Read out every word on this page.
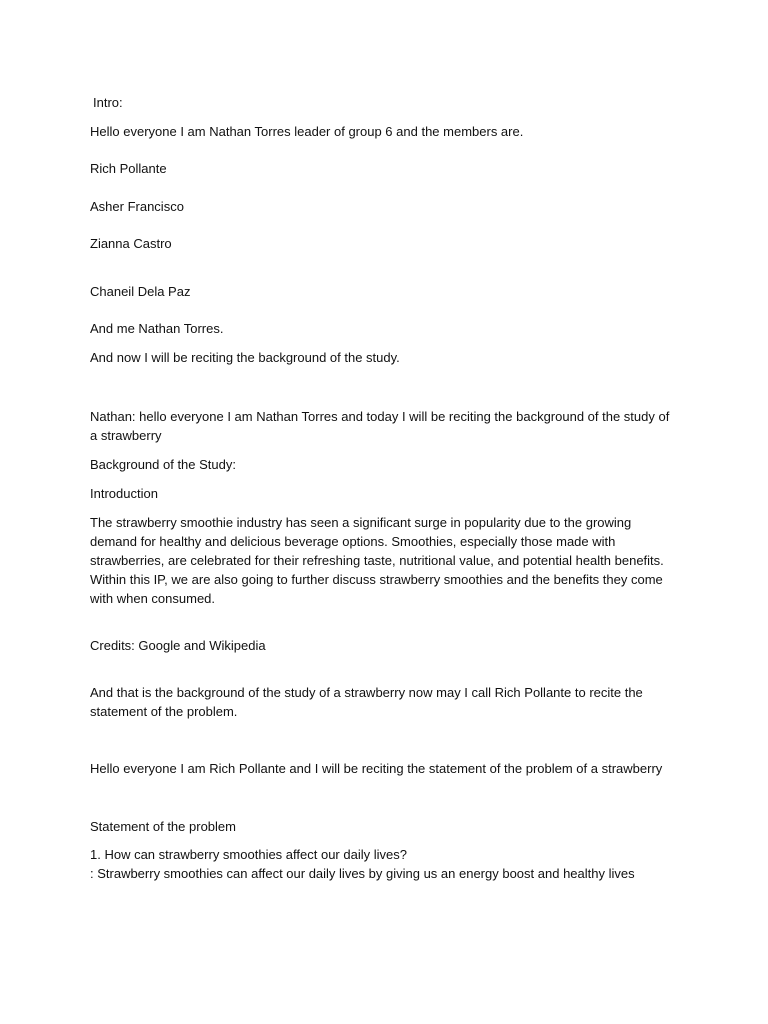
Intro:
Hello everyone I am Nathan Torres leader of group 6 and the members are.
Rich Pollante
Asher Francisco
Zianna Castro
Chaneil Dela Paz
And me Nathan Torres.
And now I will be reciting the background of the study.
Nathan: hello everyone I am Nathan Torres and today I will be reciting the background of the study of a strawberry
Background of the Study:
Introduction
The strawberry smoothie industry has seen a significant surge in popularity due to the growing demand for healthy and delicious beverage options. Smoothies, especially those made with strawberries, are celebrated for their refreshing taste, nutritional value, and potential health benefits. Within this IP, we are also going to further discuss strawberry smoothies and the benefits they come with when consumed.
Credits: Google and Wikipedia
And that is the background of the study of a strawberry now may I call Rich Pollante to recite the statement of the problem.
Hello everyone I am Rich Pollante and I will be reciting the statement of the problem of a strawberry
Statement of the problem
1. How can strawberry smoothies affect our daily lives?
: Strawberry smoothies can affect our daily lives by giving us an energy boost and healthy lives
